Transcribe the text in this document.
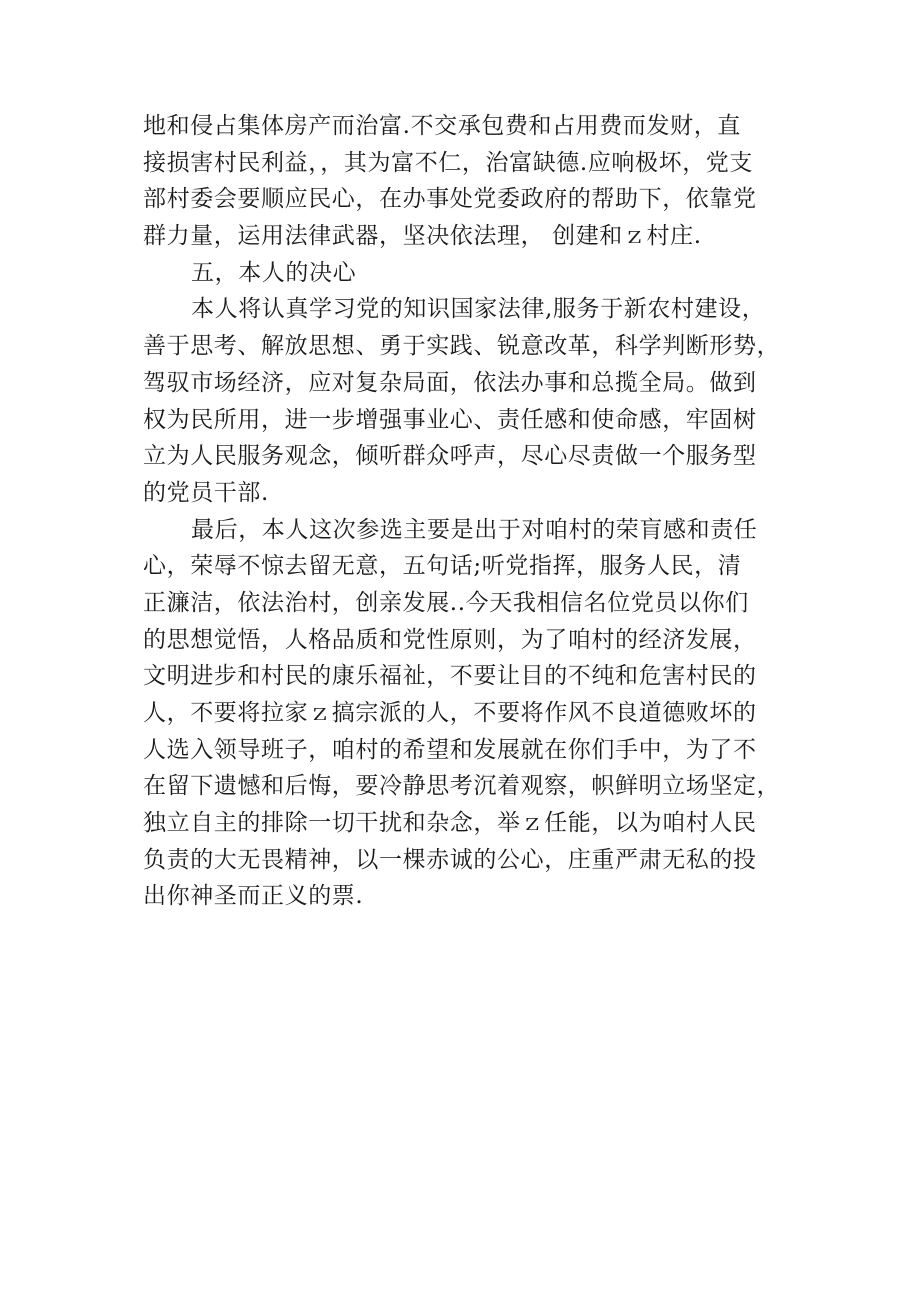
地和侵占集体房产而治富.不交承包费和占用费而发财，直
接损害村民利益，，其为富不仁，治富缺德.应响极坏，党支
部村委会要顺应民心，在办事处党委政府的帮助下，依靠党
群力量，运用法律武器，坚决依法理， 创建和ｚ村庄.
五，本人的决心
本人将认真学习党的知识国家法律,服务于新农村建设，
善于思考、解放思想、勇于实践、锐意改革，科学判断形势，
驾驭市场经济，应对复杂局面，依法办事和总揽全局。做到
权为民所用，进一步增强事业心、责任感和使命感，牢固树
立为人民服务观念，倾听群众呼声，尽心尽责做一个服务型
的党员干部.
最后，本人这次参选主要是出于对咱村的荣肓感和责任
心，荣辱不惊去留无意，五句话;听党指挥，服务人民，清
正濂洁，依法治村，创亲发展..今天我相信名位党员以你们
的思想觉悟，人格品质和党性原则，为了咱村的经济发展，
文明进步和村民的康乐福祉，不要让目的不纯和危害村民的
人，不要将拉家ｚ搞宗派的人，不要将作风不良道德败坏的
人选入领导班子，咱村的希望和发展就在你们手中，为了不
在留下遗憾和后悔，要冷静思考沉着观察，帜鲜明立场坚定，
独立自主的排除一切干扰和杂念，举ｚ任能，以为咱村人民
负责的大无畏精神，以一棵赤诚的公心，庄重严肃无私的投
出你神圣而正义的票.
